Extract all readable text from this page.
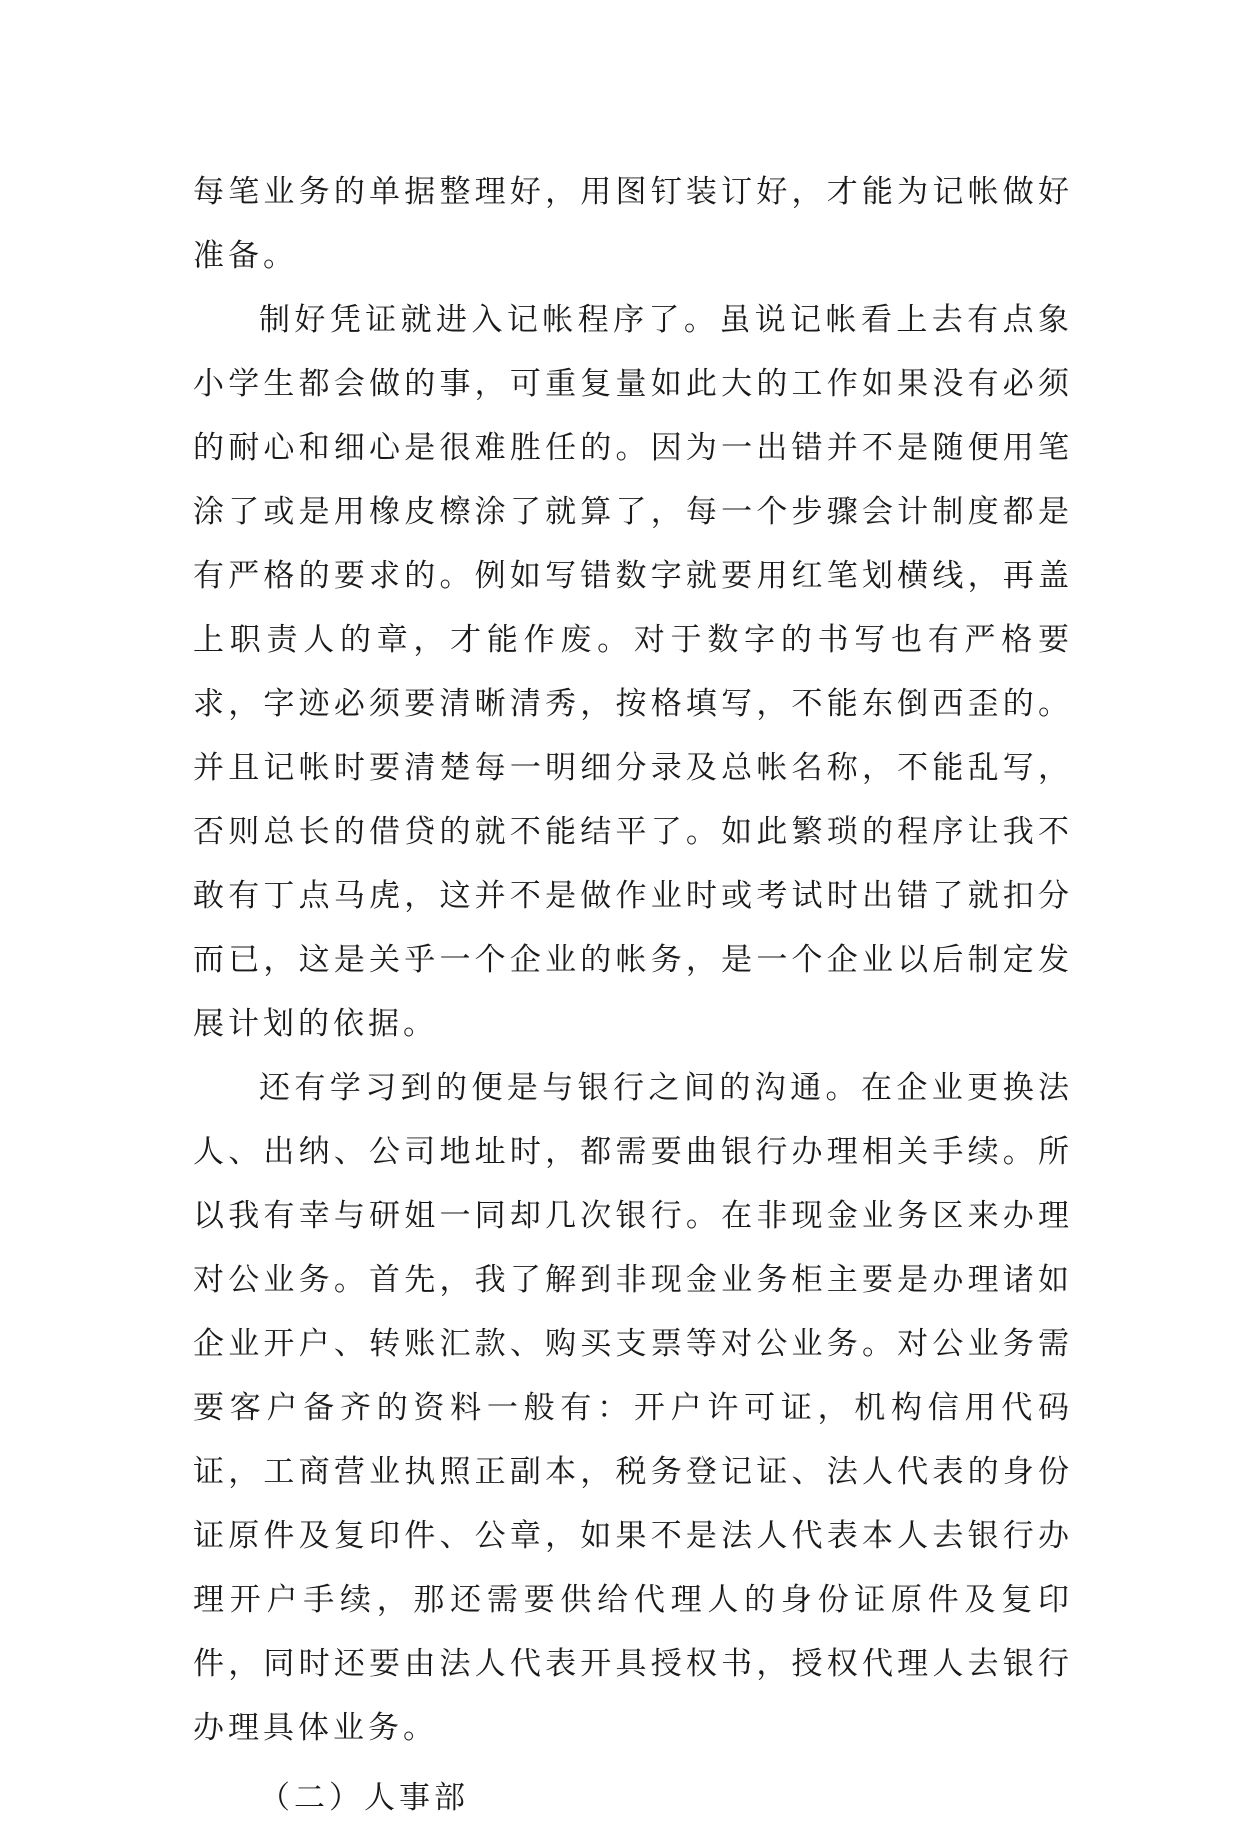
每笔业务的单据整理好，用图钉装订好，才能为记帐做好准备。

制好凭证就进入记帐程序了。虽说记帐看上去有点象小学生都会做的事，可重复量如此大的工作如果没有必须的耐心和细心是很难胜任的。因为一出错并不是随便用笔涂了或是用橡皮檫涂了就算了，每一个步骤会计制度都是有严格的要求的。例如写错数字就要用红笔划横线，再盖上职责人的章，才能作废。对于数字的书写也有严格要求，字迹必须要清晰清秀，按格填写，不能东倒西歪的。并且记帐时要清楚每一明细分录及总帐名称，不能乱写，否则总长的借贷的就不能结平了。如此繁琐的程序让我不敢有丁点马虎，这并不是做作业时或考试时出错了就扣分而已，这是关乎一个企业的帐务，是一个企业以后制定发展计划的依据。

还有学习到的便是与银行之间的沟通。在企业更换法人、出纳、公司地址时，都需要曲银行办理相关手续。所以我有幸与研姐一同却几次银行。在非现金业务区来办理对公业务。首先，我了解到非现金业务柜主要是办理诸如企业开户、转账汇款、购买支票等对公业务。对公业务需要客户备齐的资料一般有：开户许可证，机构信用代码证，工商营业执照正副本，税务登记证、法人代表的身份证原件及复印件、公章，如果不是法人代表本人去银行办理开户手续，那还需要供给代理人的身份证原件及复印件，同时还要由法人代表开具授权书，授权代理人去银行办理具体业务。

（二）人事部
